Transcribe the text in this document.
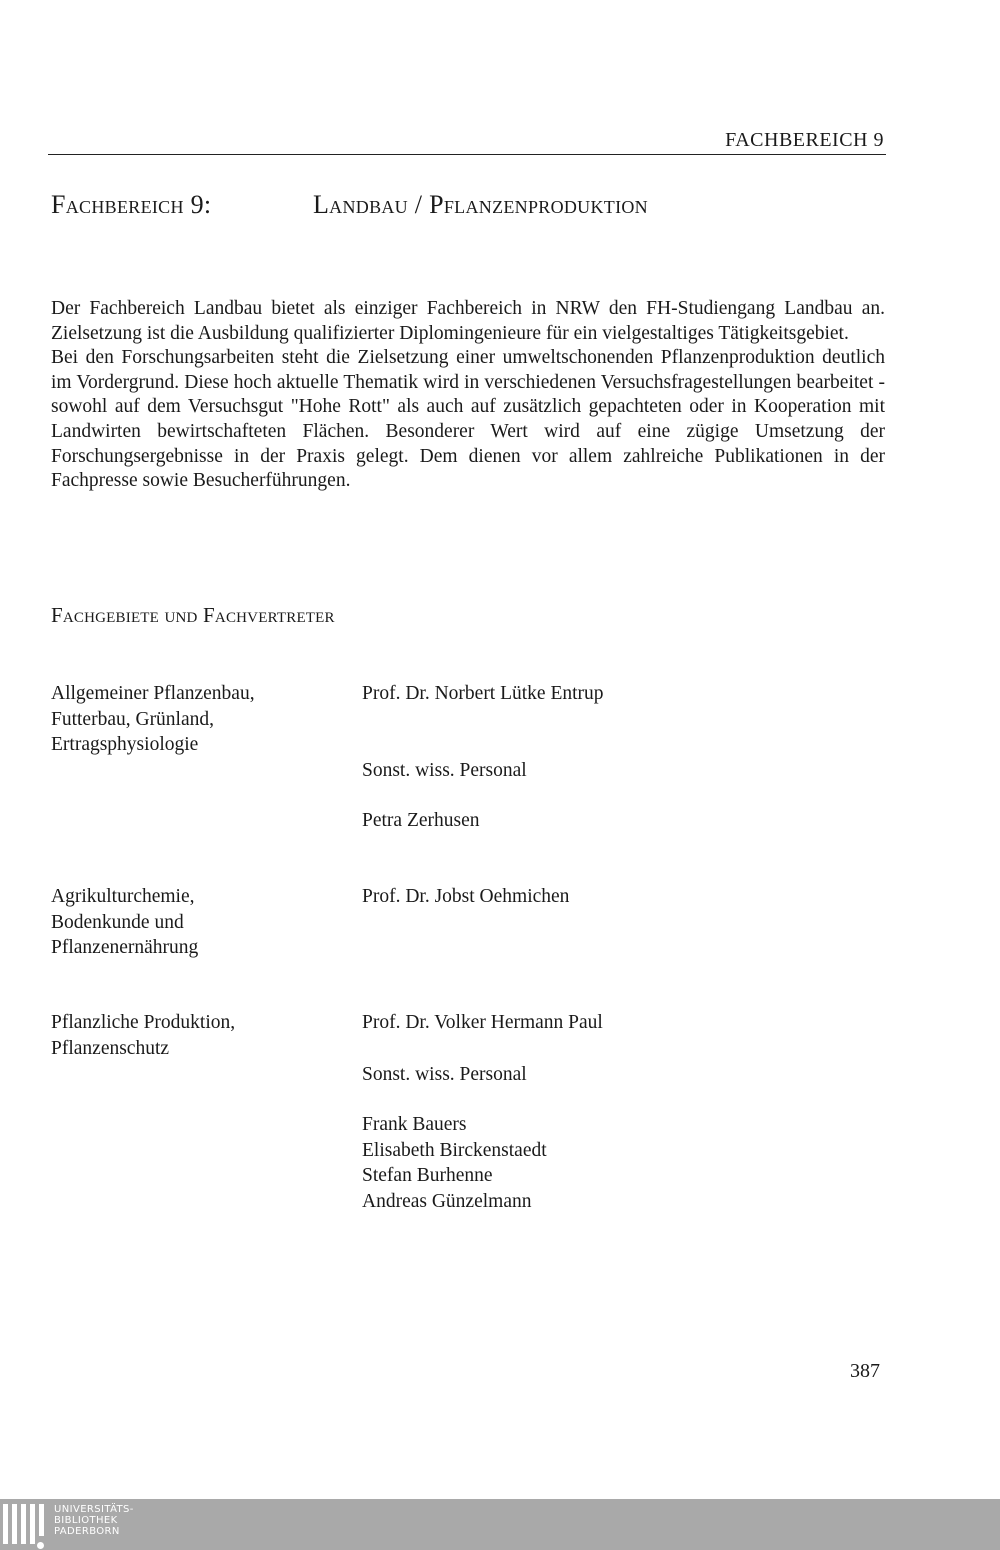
FACHBEREICH 9
Fachbereich 9:	Landbau / Pflanzenproduktion

Der Fachbereich Landbau bietet als einziger Fachbereich in NRW den FH-Studiengang Landbau an. Zielsetzung ist die Ausbildung qualifizierter Diplomingenieure für ein vielgestaltiges Tätigkeitsgebiet.

Bei den Forschungsarbeiten steht die Zielsetzung einer umweltschonenden Pflanzenproduktion deutlich im Vordergrund. Diese hoch aktuelle Thematik wird in verschiedenen Versuchsfragestellungen bearbeitet - sowohl auf dem Versuchsgut "Hohe Rott" als auch auf zusätzlich gepachteten oder in Kooperation mit Landwirten bewirtschafteten Flächen. Besonderer Wert wird auf eine zügige Umsetzung der Forschungsergebnisse in der Praxis gelegt. Dem dienen vor allem zahlreiche Publikationen in der Fachpresse sowie Besucherführungen.

Fachgebiete und Fachvertreter
Allgemeiner Pflanzenbau,
Futterbau, Grünland,
Ertragsphysiologie

Prof. Dr. Norbert Lütke Entrup

Sonst. wiss. Personal

Petra Zerhusen

Agrikulturchemie,
Bodenkunde und
Pflanzenernährung

Prof. Dr. Jobst Oehmichen

Pflanzliche Produktion,
Pflanzenschutz

Prof. Dr. Volker Hermann Paul

Sonst. wiss. Personal

Frank Bauers

Elisabeth Birckenstaedt

Stefan Burhenne

Andreas Günzelmann

387
UNIVERSITÄTS-
BIBLIOTHEK
PADERBORN
